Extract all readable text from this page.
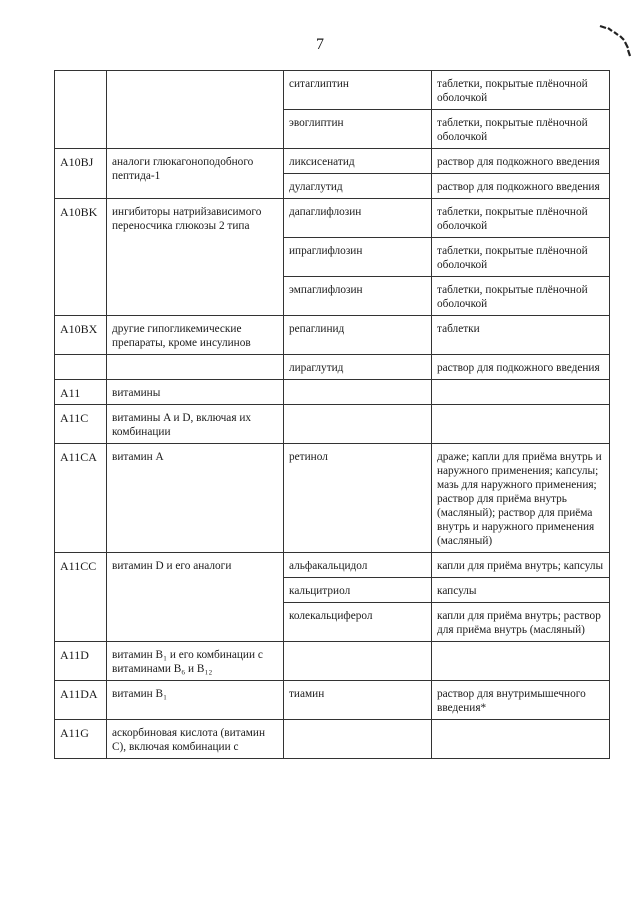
7
		ситаглиптин	таблетки, покрытые плёночной оболочкой
		эвоглиптин	таблетки, покрытые плёночной оболочкой
A10BJ	аналоги глюкагоноподобного пептида-1	ликсисенатид	раствор для подкожного введения
		дулаглутид	раствор для подкожного введения
A10BK	ингибиторы натрийзависимого переносчика глюкозы 2 типа	дапаглифлозин	таблетки, покрытые плёночной оболочкой
		ипраглифлозин	таблетки, покрытые плёночной оболочкой
		эмпаглифлозин	таблетки, покрытые плёночной оболочкой
A10BX	другие гипогликемические препараты, кроме инсулинов	репаглинид	таблетки
		лираглутид	раствор для подкожного введения
A11	витамины		
A11C	витамины A и D, включая их комбинации		
A11CA	витамин A	ретинол	драже; капли для приёма внутрь и наружного применения; капсулы; мазь для наружного применения; раствор для приёма внутрь (масляный); раствор для приёма внутрь и наружного применения (масляный)
A11CC	витамин D и его аналоги	альфакальцидол	капли для приёма внутрь; капсулы
		кальцитриол	капсулы
		колекальциферол	капли для приёма внутрь; раствор для приёма внутрь (масляный)
A11D	витамин B₁ и его комбинации с витаминами B₆ и B₁₂		
A11DA	витамин B₁	тиамин	раствор для внутримышечного введения*
A11G	аскорбиновая кислота (витамин C), включая комбинации с		
